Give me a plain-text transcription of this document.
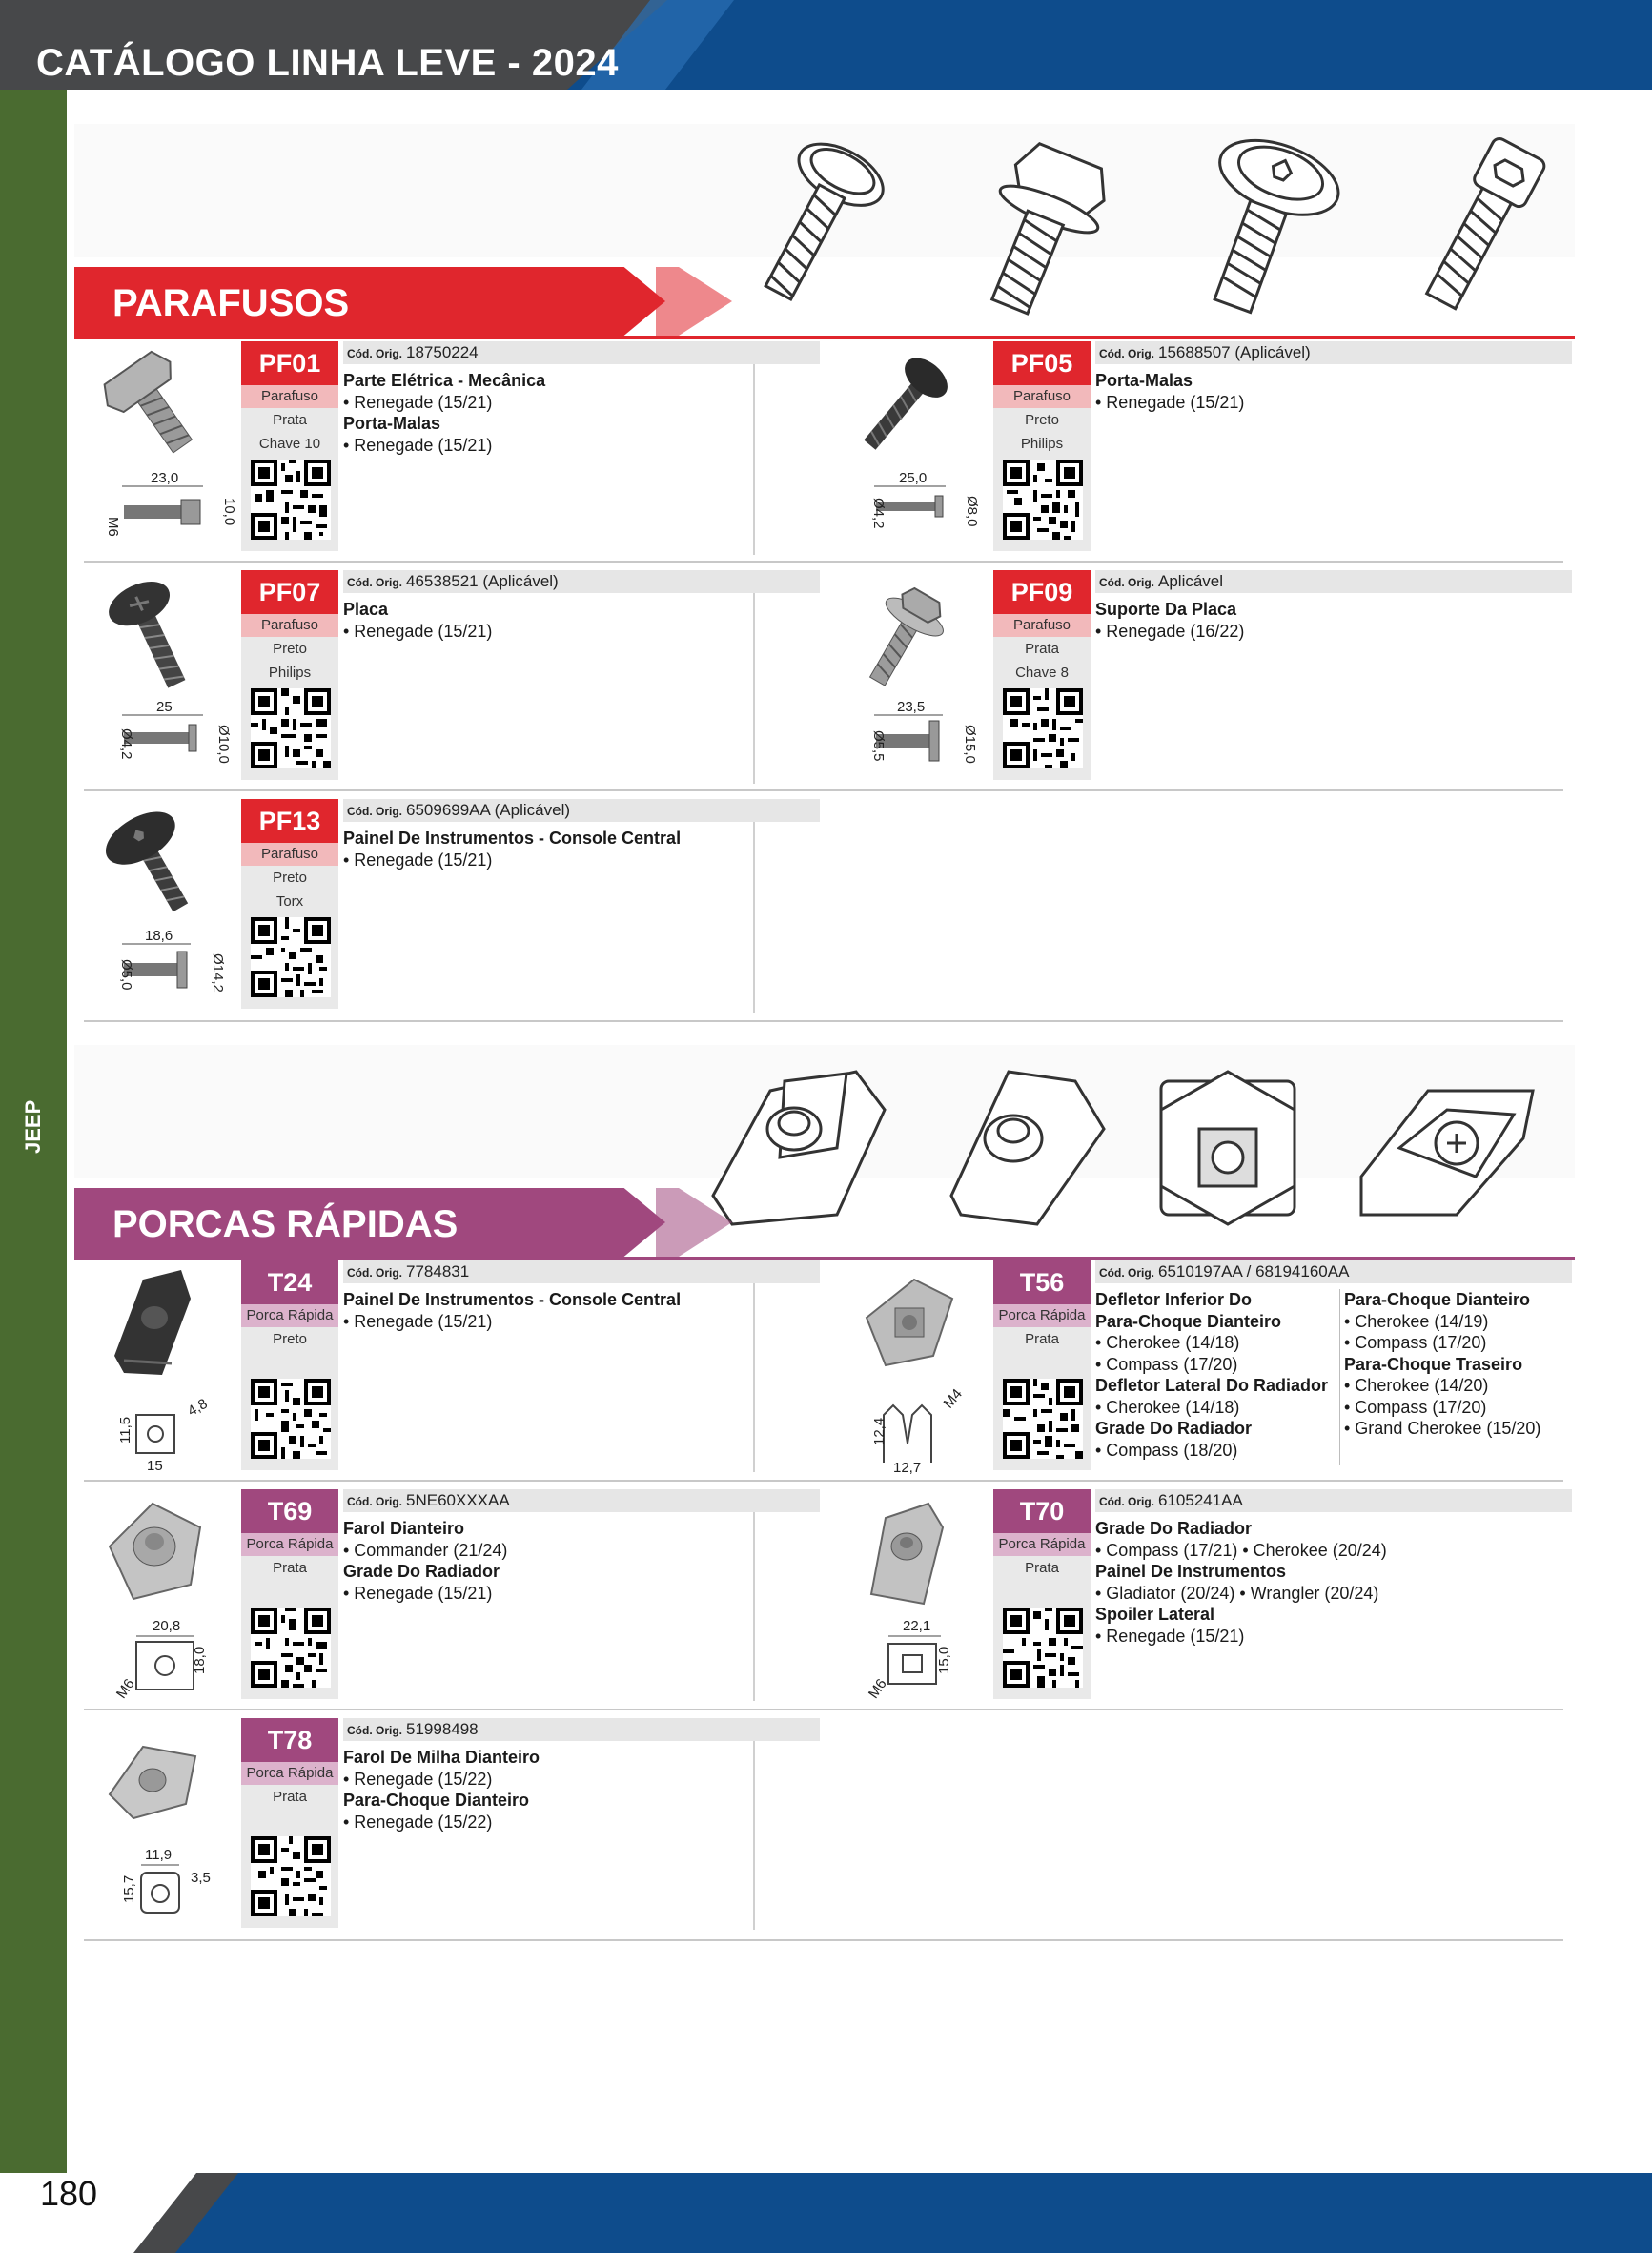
CATÁLOGO LINHA LEVE - 2024
JEEP
PARAFUSOS
23,0
M6
10,0
PF01
Parafuso
Prata
Chave 10
Cód. Orig. 18750224
Parte Elétrica - Mecânica
• Renegade (15/21)
Porta-Malas
• Renegade (15/21)
25,0
Ø4,2	Ø8,0
PF05
Parafuso
Preto
Philips
Cód. Orig. 15688507 (Aplicável)
Porta-Malas
• Renegade (15/21)
25
Ø4,2	Ø10,0
PF07
Parafuso
Preto
Philips
Cód. Orig. 46538521 (Aplicável)
Placa
• Renegade (15/21)
23,5
Ø5,5	Ø15,0
PF09
Parafuso
Prata
Chave 8
Cód. Orig. Aplicável
Suporte Da Placa
• Renegade (16/22)
18,6
Ø5,0	Ø14,2
PF13
Parafuso
Preto
Torx
Cód. Orig. 6509699AA (Aplicável)
Painel De Instrumentos - Console Central
• Renegade (15/21)
PORCAS RÁPIDAS
4,8
11,5
15
T24
Porca Rápida
Preto
Cód. Orig. 7784831
Painel De Instrumentos - Console Central
• Renegade (15/21)
M4
12,4
12,7
T56
Porca Rápida
Prata
Cód. Orig. 6510197AA / 68194160AA
Defletor Inferior Do
Para-Choque Dianteiro
• Cherokee (14/18)
• Compass (17/20)
Defletor Lateral Do Radiador
• Cherokee (14/18)
Grade Do Radiador
• Compass (18/20)
Para-Choque Dianteiro
• Cherokee (14/19)
• Compass (17/20)
Para-Choque Traseiro
• Cherokee (14/20)
• Compass (17/20)
• Grand Cherokee (15/20)
20,8
M6
18,0
T69
Porca Rápida
Prata
Cód. Orig. 5NE60XXXAA
Farol Dianteiro
• Commander (21/24)
Grade Do Radiador
• Renegade (15/21)
22,1
M6
15,0
T70
Porca Rápida
Prata
Cód. Orig. 6105241AA
Grade Do Radiador
• Compass (17/21) • Cherokee (20/24)
Painel De Instrumentos
• Gladiator (20/24) • Wrangler (20/24)
Spoiler Lateral
• Renegade (15/21)
11,9
15,7	3,5
T78
Porca Rápida
Prata
Cód. Orig. 51998498
Farol De Milha Dianteiro
• Renegade (15/22)
Para-Choque Dianteiro
• Renegade (15/22)
180
